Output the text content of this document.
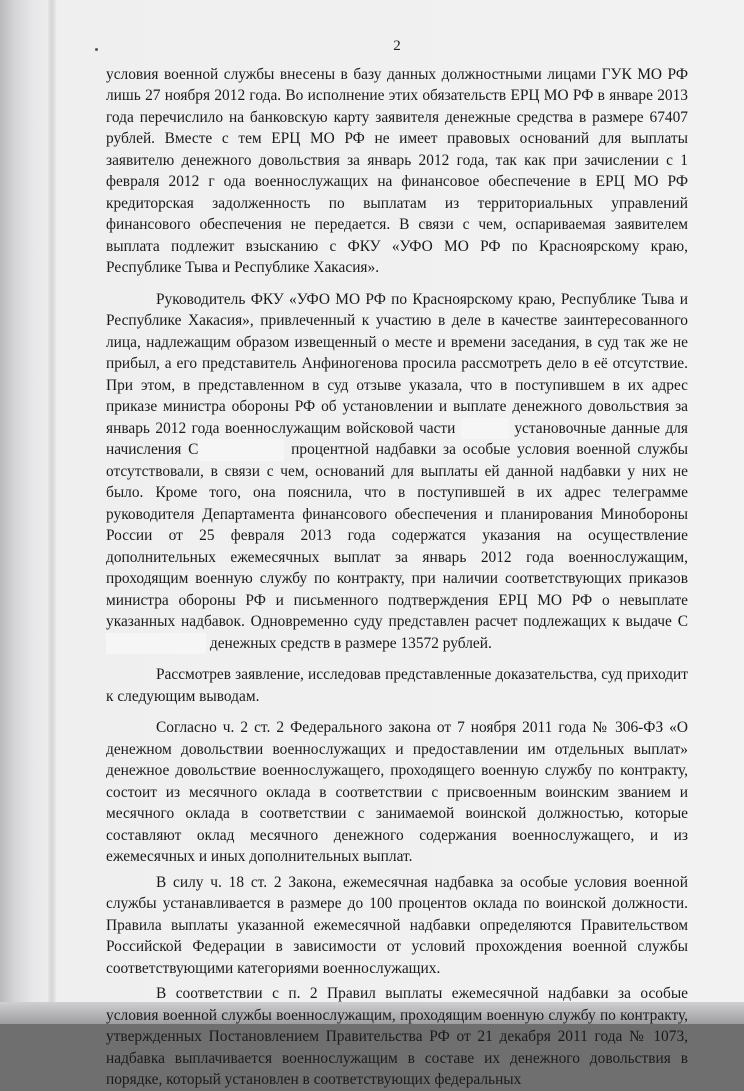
2

условия военной службы внесены в базу данных должностными лицами ГУК МО РФ лишь 27 ноября 2012 года. Во исполнение этих обязательств ЕРЦ МО РФ в январе 2013 года перечислило на банковскую карту заявителя денежные средства в размере 67407 рублей. Вместе с тем ЕРЦ МО РФ не имеет правовых оснований для выплаты заявителю денежного довольствия за январь 2012 года, так как при зачислении с 1 февраля 2012 г ода военнослужащих на финансовое обеспечение в ЕРЦ МО РФ кредиторская задолженность по выплатам из территориальных управлений финансового обеспечения не передается. В связи с чем, оспариваемая заявителем выплата подлежит взысканию с ФКУ «УФО МО РФ по Красноярскому краю, Республике Тыва и Республике Хакасия».

Руководитель ФКУ «УФО МО РФ по Красноярскому краю, Республике Тыва и Республике Хакасия», привлеченный к участию в деле в качестве заинтересованного лица, надлежащим образом извещенный о месте и времени заседания, в суд так же не прибыл, а его представитель Анфиногенова просила рассмотреть дело в её отсутствие. При этом, в представленном в суд отзыве указала, что в поступившем в их адрес приказе министра обороны РФ об установлении и выплате денежного довольствия за январь 2012 года военнослужащим войсковой части	установочные данные для начисления С	процентной надбавки за особые условия военной службы отсутствовали, в связи с чем, оснований для выплаты ей данной надбавки у них не было. Кроме того, она пояснила, что в поступившей в их адрес телеграмме руководителя Департамента финансового обеспечения и планирования Минобороны России от 25 февраля 2013 года содержатся указания на осуществление дополнительных ежемесячных выплат за январь 2012 года военнослужащим, проходящим военную службу по контракту, при наличии соответствующих приказов министра обороны РФ и письменного подтверждения ЕРЦ МО РФ о невыплате указанных надбавок. Одновременно суду представлен расчет подлежащих к выдаче С денежных средств в размере 13572 рублей.

Рассмотрев заявление, исследовав представленные доказательства, суд приходит к следующим выводам.

Согласно ч. 2 ст. 2 Федерального закона от 7 ноября 2011 года № 306-ФЗ «О денежном довольствии военнослужащих и предоставлении им отдельных выплат» денежное довольствие военнослужащего, проходящего военную службу по контракту, состоит из месячного оклада в соответствии с присвоенным воинским званием и месячного оклада в соответствии с занимаемой воинской должностью, которые составляют оклад месячного денежного содержания военнослужащего, и из ежемесячных и иных дополнительных выплат.

В силу ч. 18 ст. 2 Закона, ежемесячная надбавка за особые условия военной службы устанавливается в размере до 100 процентов оклада по воинской должности. Правила выплаты указанной ежемесячной надбавки определяются Правительством Российской Федерации в зависимости от условий прохождения военной службы соответствующими категориями военнослужащих.

В соответствии с п. 2 Правил выплаты ежемесячной надбавки за особые условия военной службы военнослужащим, проходящим военную службу по контракту, утвержденных Постановлением Правительства РФ от 21 декабря 2011 года № 1073, надбавка выплачивается военнослужащим в составе их денежного довольствия в порядке, который установлен в соответствующих федеральных
